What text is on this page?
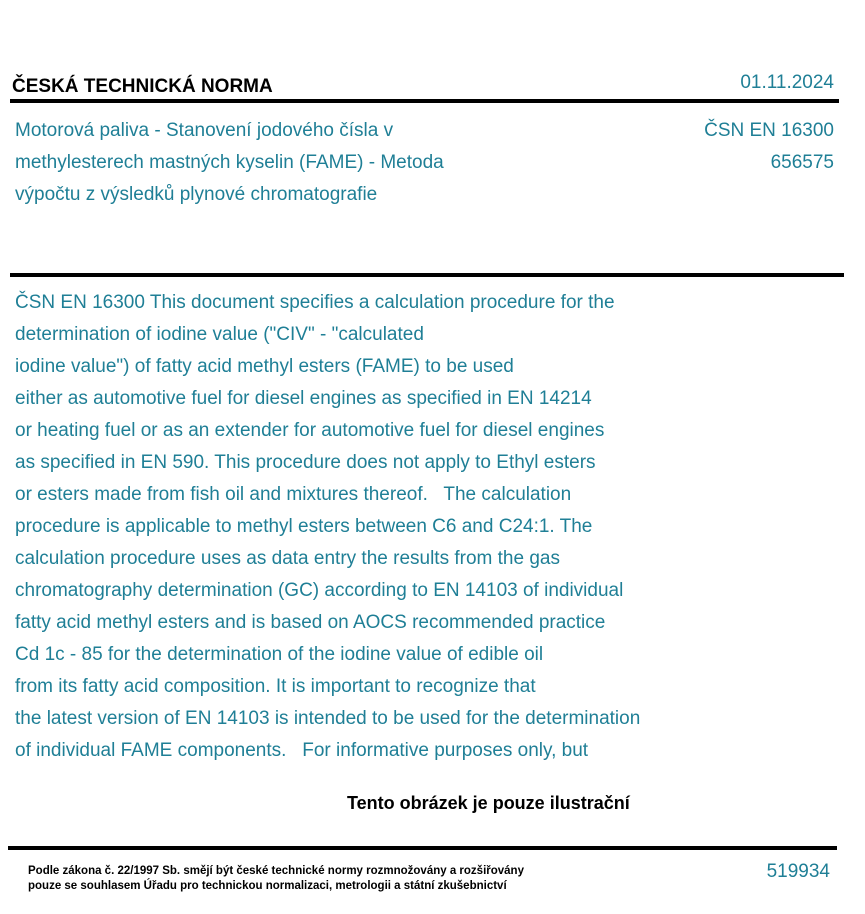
ČESKÁ TECHNICKÁ NORMA	01.11.2024
Motorová paliva - Stanovení jodového čísla v
methylesterech mastných kyselin (FAME) - Metoda
výpočtu z výsledků plynové chromatografie
ČSN EN 16300
656575
ČSN EN 16300 This document specifies a calculation procedure for the
determination of iodine value ("CIV" - "calculated
iodine value") of fatty acid methyl esters (FAME) to be used
either as automotive fuel for diesel engines as specified in EN 14214
or heating fuel or as an extender for automotive fuel for diesel engines
as specified in EN 590. This procedure does not apply to Ethyl esters
or esters made from fish oil and mixtures thereof.   The calculation
procedure is applicable to methyl esters between C6 and C24:1. The
calculation procedure uses as data entry the results from the gas
chromatography determination (GC) according to EN 14103 of individual
fatty acid methyl esters and is based on AOCS recommended practice
Cd 1c - 85 for the determination of the iodine value of edible oil
from its fatty acid composition. It is important to recognize that
the latest version of EN 14103 is intended to be used for the determination
of individual FAME components.   For informative purposes only, but
Tento obrázek je pouze ilustrační
Podle zákona č. 22/1997 Sb. smějí být české technické normy rozmnožovány a rozšiřovány
pouze se souhlasem Úřadu pro technickou normalizaci, metrologii a státní zkušebnictví
519934
